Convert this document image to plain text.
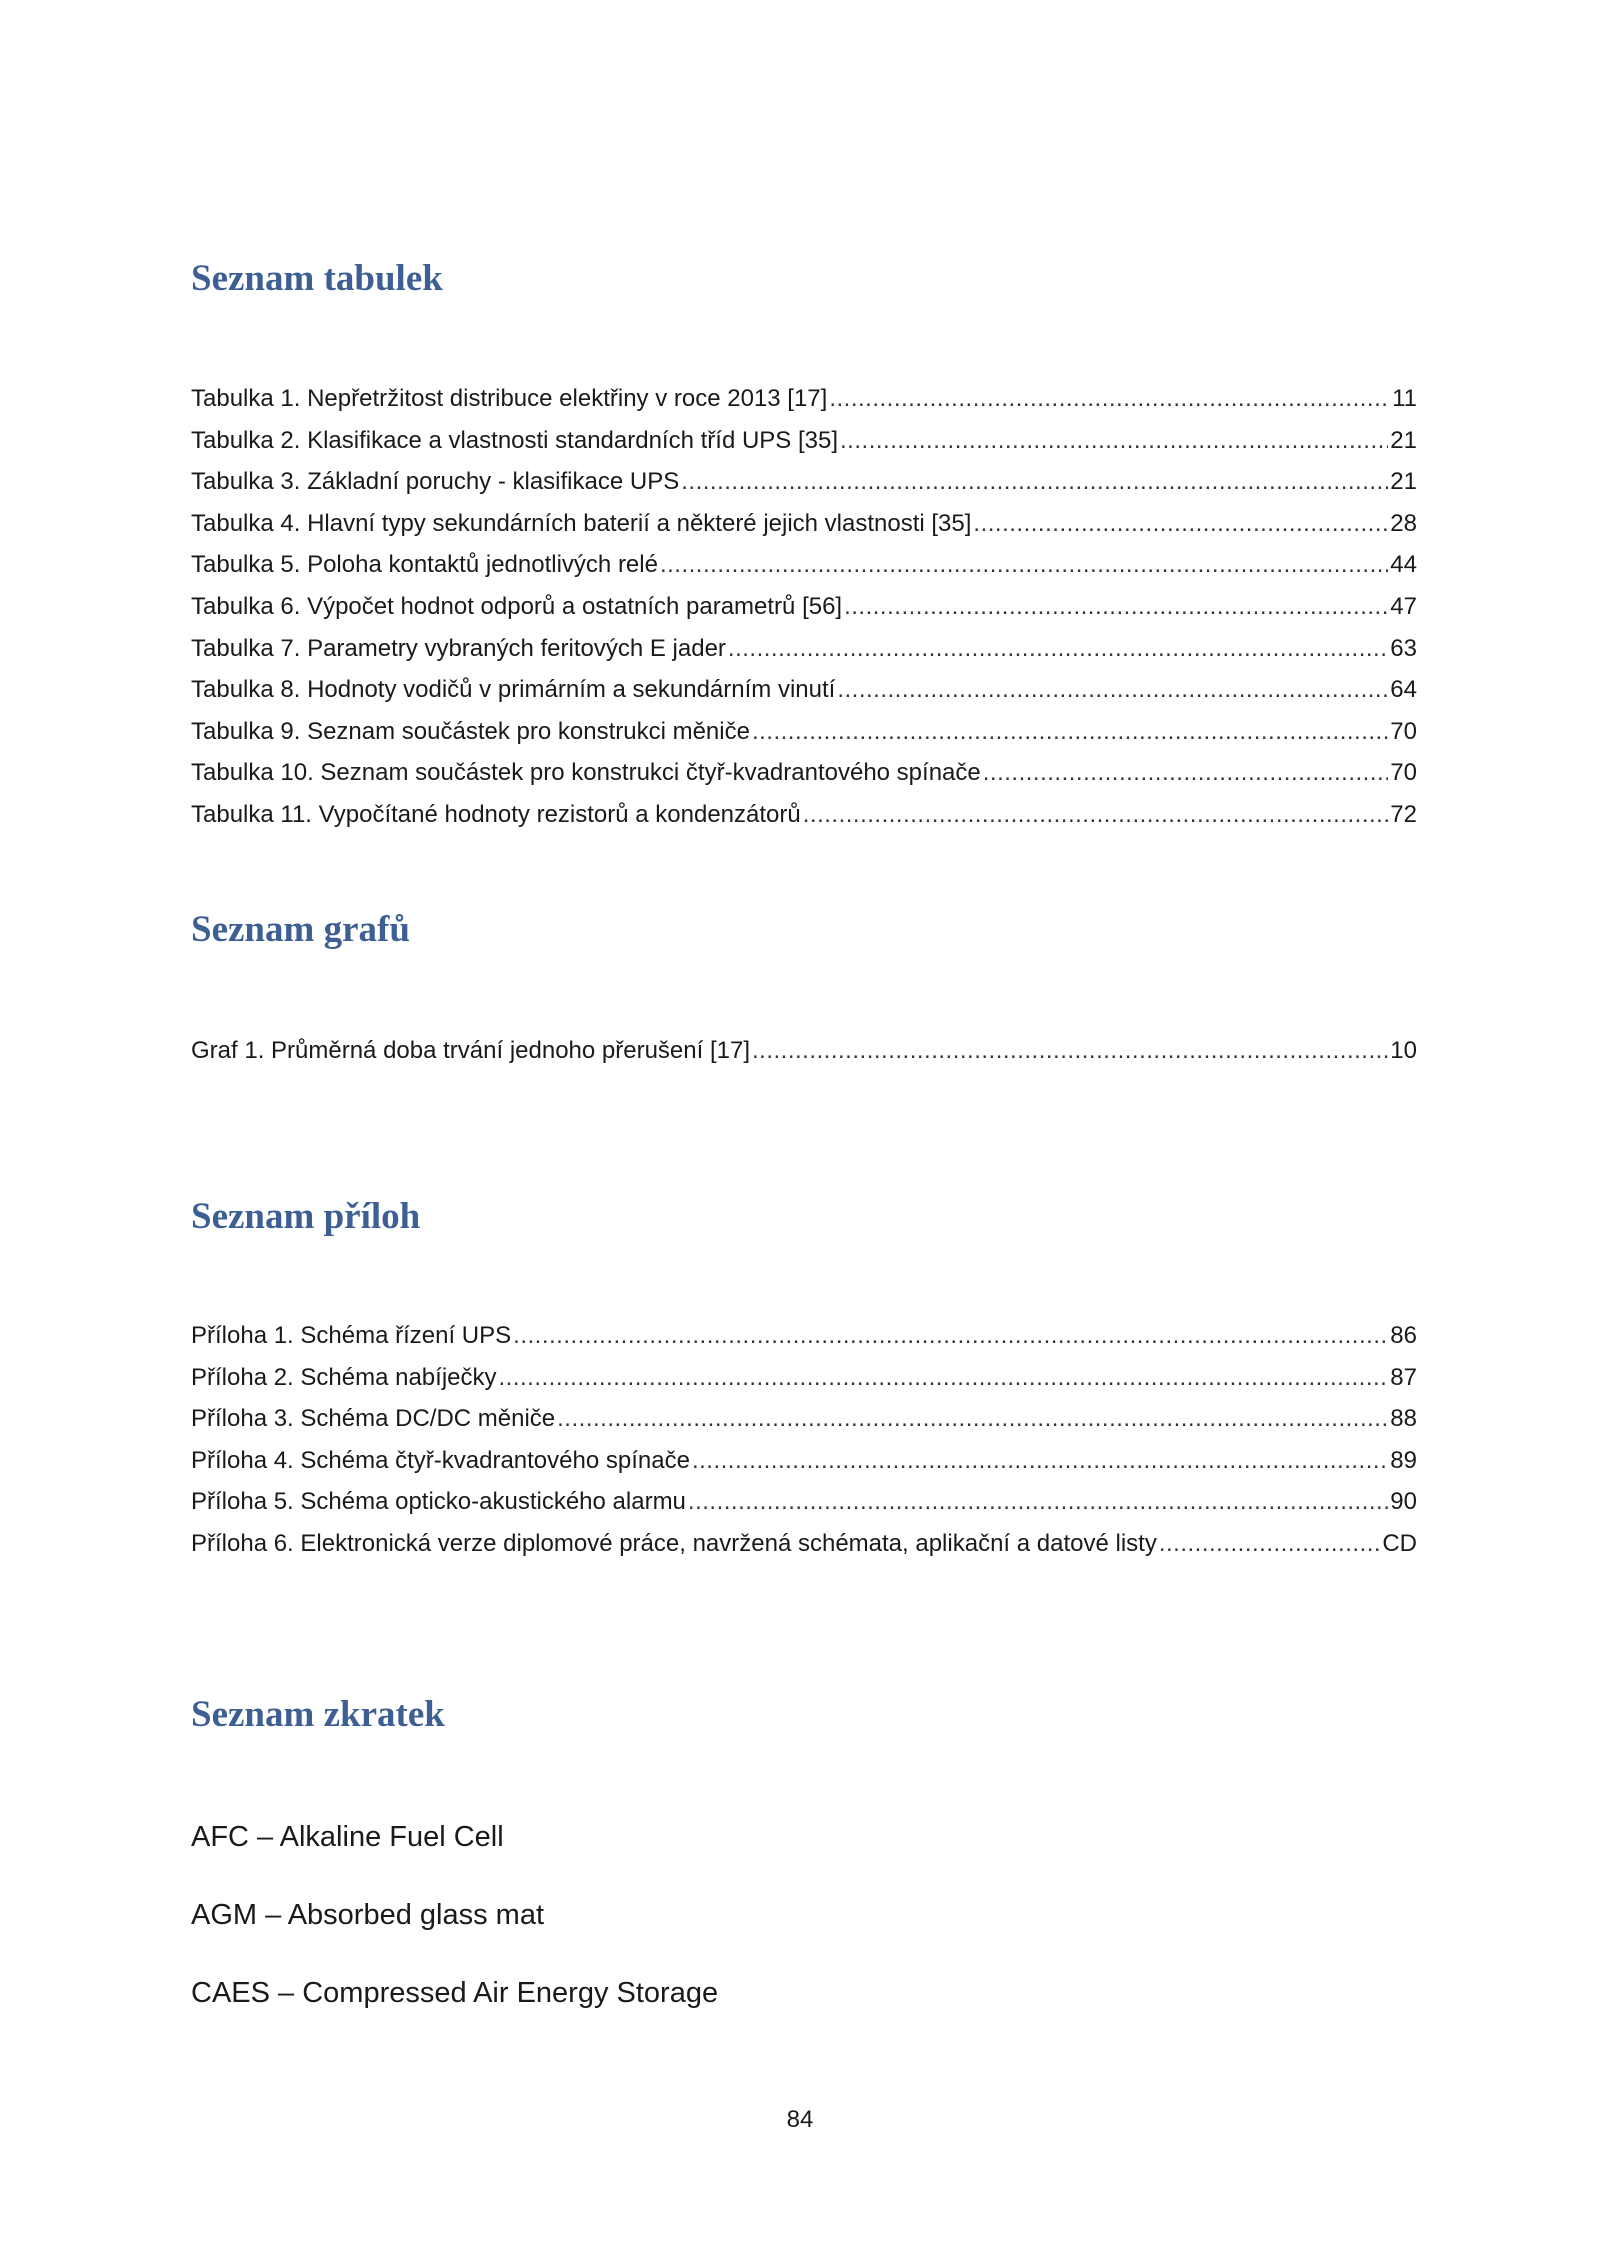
Seznam tabulek
Tabulka 1. Nepřetržitost distribuce elektřiny v roce 2013 [17] .....	11
Tabulka 2. Klasifikace a vlastnosti standardních tříd UPS [35] .....	21
Tabulka 3. Základní poruchy - klasifikace UPS .....	21
Tabulka 4. Hlavní typy sekundárních baterií a některé jejich vlastnosti [35] .....	28
Tabulka 5. Poloha kontaktů jednotlivých relé .....	44
Tabulka 6. Výpočet hodnot odporů a ostatních parametrů [56] .....	47
Tabulka 7. Parametry vybraných feritových E jader .....	63
Tabulka 8. Hodnoty vodičů v primárním a sekundárním vinutí .....	64
Tabulka 9. Seznam součástek pro konstrukci měniče .....	70
Tabulka 10. Seznam součástek pro konstrukci čtyř-kvadrantového spínače .....	70
Tabulka 11. Vypočítané hodnoty rezistorů a kondenzátorů .....	72
Seznam grafů
Graf 1. Průměrná doba trvání jednoho přerušení [17] .....	10
Seznam příloh
Příloha 1. Schéma řízení UPS .....	86
Příloha 2. Schéma nabíječky .....	87
Příloha 3. Schéma DC/DC měniče .....	88
Příloha 4. Schéma čtyř-kvadrantového spínače .....	89
Příloha 5. Schéma opticko-akustického alarmu .....	90
Příloha 6. Elektronická verze diplomové práce, navržená schémata, aplikační a datové listy .....	CD
Seznam zkratek
AFC – Alkaline Fuel Cell
AGM – Absorbed glass mat
CAES – Compressed Air Energy Storage
84
